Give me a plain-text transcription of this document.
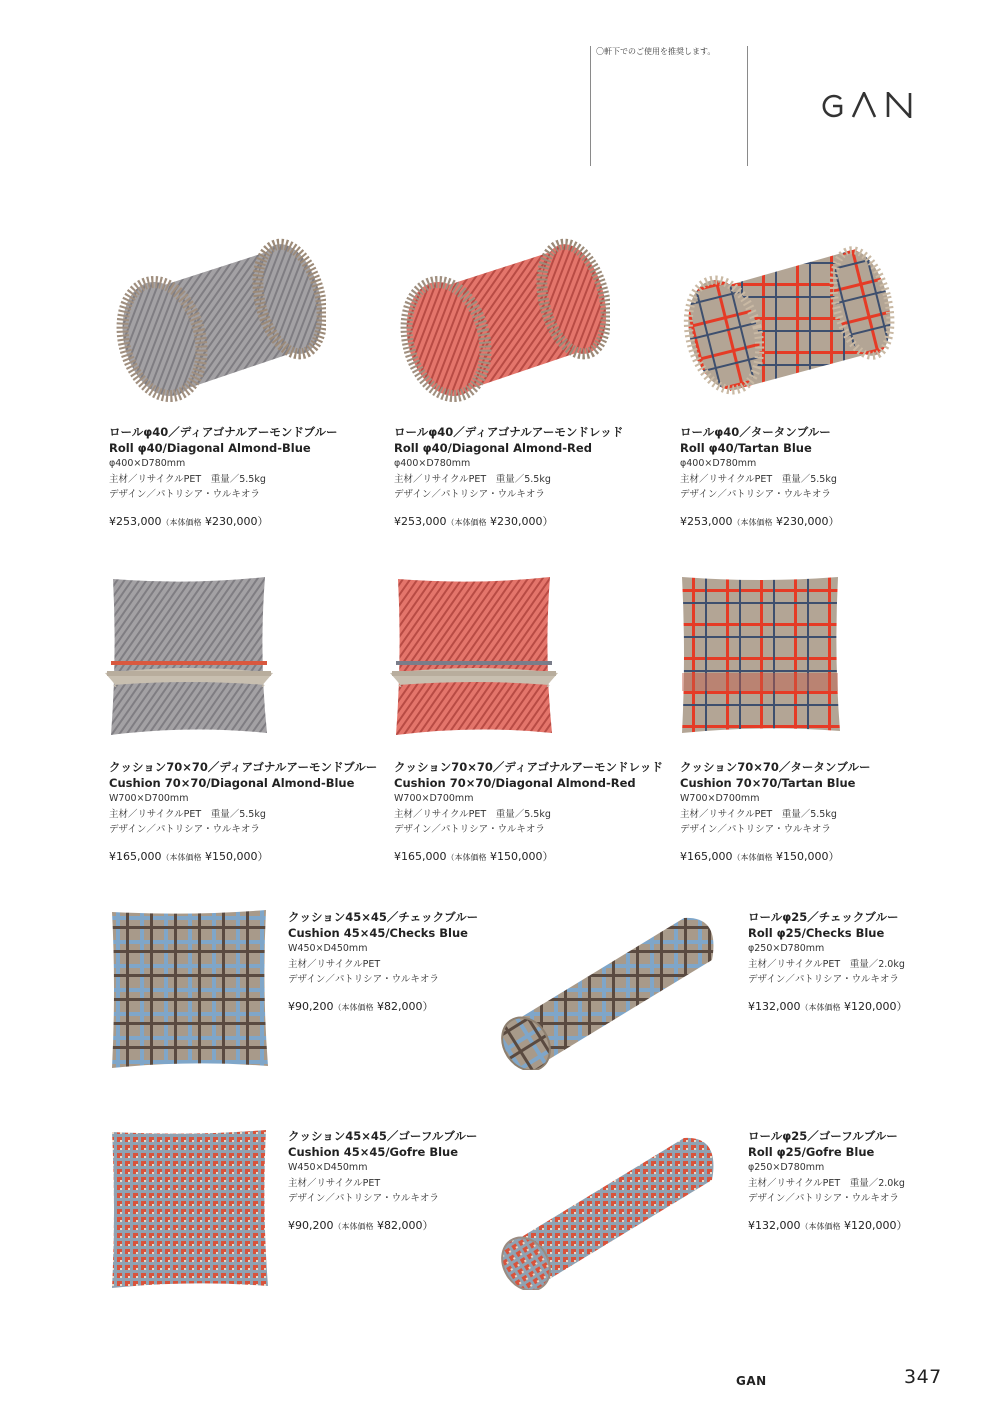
〇軒下でのご使用を推奨します。
ロールφ40／ディアゴナルアーモンドブルー
Roll φ40/Diagonal Almond-Blue
φ400×D780mm
主材／リサイクルPET　重量／5.5kg
デザイン／パトリシア・ウルキオラ
¥253,000（本体価格 ¥230,000）
ロールφ40／ディアゴナルアーモンドレッド
Roll φ40/Diagonal Almond-Red
φ400×D780mm
主材／リサイクルPET　重量／5.5kg
デザイン／パトリシア・ウルキオラ
¥253,000（本体価格 ¥230,000）
ロールφ40／タータンブルー
Roll φ40/Tartan Blue
φ400×D780mm
主材／リサイクルPET　重量／5.5kg
デザイン／パトリシア・ウルキオラ
¥253,000（本体価格 ¥230,000）
クッション70×70／ディアゴナルアーモンドブルー
Cushion 70×70/Diagonal Almond-Blue
W700×D700mm
主材／リサイクルPET　重量／5.5kg
デザイン／パトリシア・ウルキオラ
¥165,000（本体価格 ¥150,000）
クッション70×70／ディアゴナルアーモンドレッド
Cushion 70×70/Diagonal Almond-Red
W700×D700mm
主材／リサイクルPET　重量／5.5kg
デザイン／パトリシア・ウルキオラ
¥165,000（本体価格 ¥150,000）
クッション70×70／タータンブルー
Cushion 70×70/Tartan Blue
W700×D700mm
主材／リサイクルPET　重量／5.5kg
デザイン／パトリシア・ウルキオラ
¥165,000（本体価格 ¥150,000）
クッション45×45／チェックブルー
Cushion 45×45/Checks Blue
W450×D450mm
主材／リサイクルPET
デザイン／パトリシア・ウルキオラ
¥90,200（本体価格 ¥82,000）
ロールφ25／チェックブルー
Roll φ25/Checks Blue
φ250×D780mm
主材／リサイクルPET　重量／2.0kg
デザイン／パトリシア・ウルキオラ
¥132,000（本体価格 ¥120,000）
クッション45×45／ゴーフルブルー
Cushion 45×45/Gofre Blue
W450×D450mm
主材／リサイクルPET
デザイン／パトリシア・ウルキオラ
¥90,200（本体価格 ¥82,000）
ロールφ25／ゴーフルブルー
Roll φ25/Gofre Blue
φ250×D780mm
主材／リサイクルPET　重量／2.0kg
デザイン／パトリシア・ウルキオラ
¥132,000（本体価格 ¥120,000）
GAN	347
